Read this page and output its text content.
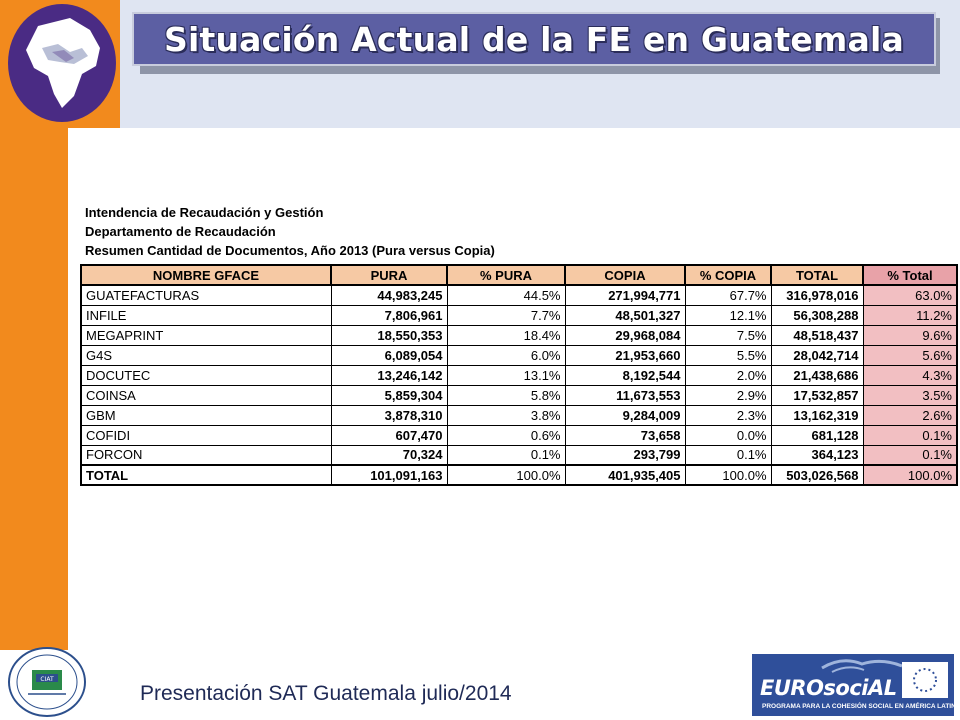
Situación Actual de la FE en Guatemala
Intendencia de Recaudación y Gestión
Departamento de Recaudación
Resumen Cantidad de Documentos, Año 2013 (Pura versus Copia)
NOMBRE GFACE	PURA	% PURA	COPIA	% COPIA	TOTAL	% Total
GUATEFACTURAS	44,983,245	44.5%	271,994,771	67.7%	316,978,016	63.0%
INFILE	7,806,961	7.7%	48,501,327	12.1%	56,308,288	11.2%
MEGAPRINT	18,550,353	18.4%	29,968,084	7.5%	48,518,437	9.6%
G4S	6,089,054	6.0%	21,953,660	5.5%	28,042,714	5.6%
DOCUTEC	13,246,142	13.1%	8,192,544	2.0%	21,438,686	4.3%
COINSA	5,859,304	5.8%	11,673,553	2.9%	17,532,857	3.5%
GBM	3,878,310	3.8%	9,284,009	2.3%	13,162,319	2.6%
COFIDI	607,470	0.6%	73,658	0.0%	681,128	0.1%
FORCON	70,324	0.1%	293,799	0.1%	364,123	0.1%
TOTAL	101,091,163	100.0%	401,935,405	100.0%	503,026,568	100.0%
CIAT
Presentación SAT Guatemala julio/2014	EUROsociAL
PROGRAMA PARA LA COHESIÓN SOCIAL EN AMÉRICA LATINA
